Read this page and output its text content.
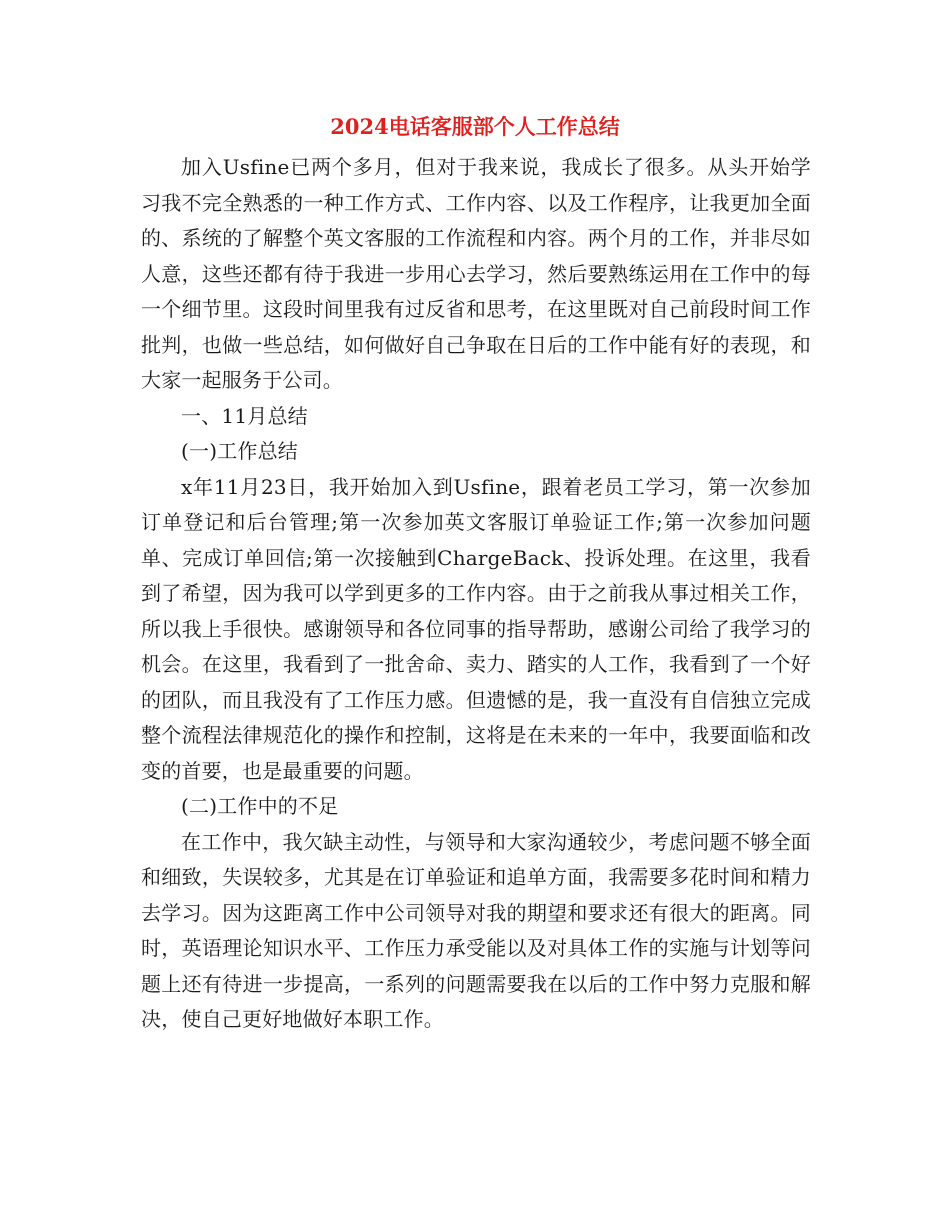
2024电话客服部个人工作总结

加入Usfine已两个多月，但对于我来说，我成长了很多。从头开始学习我不完全熟悉的一种工作方式、工作内容、以及工作程序，让我更加全面的、系统的了解整个英文客服的工作流程和内容。两个月的工作，并非尽如人意，这些还都有待于我进一步用心去学习，然后要熟练运用在工作中的每一个细节里。这段时间里我有过反省和思考，在这里既对自己前段时间工作批判，也做一些总结，如何做好自己争取在日后的工作中能有好的表现，和大家一起服务于公司。

一、11月总结

(一)工作总结

x年11月23日，我开始加入到Usfine，跟着老员工学习，第一次参加订单登记和后台管理;第一次参加英文客服订单验证工作;第一次参加问题单、完成订单回信;第一次接触到ChargeBack、投诉处理。在这里，我看到了希望，因为我可以学到更多的工作内容。由于之前我从事过相关工作，所以我上手很快。感谢领导和各位同事的指导帮助，感谢公司给了我学习的机会。在这里，我看到了一批舍命、卖力、踏实的人工作，我看到了一个好的团队，而且我没有了工作压力感。但遗憾的是，我一直没有自信独立完成整个流程法律规范化的操作和控制，这将是在未来的一年中，我要面临和改变的首要，也是最重要的问题。

(二)工作中的不足

在工作中，我欠缺主动性，与领导和大家沟通较少，考虑问题不够全面和细致，失误较多，尤其是在订单验证和追单方面，我需要多花时间和精力去学习。因为这距离工作中公司领导对我的期望和要求还有很大的距离。同时，英语理论知识水平、工作压力承受能以及对具体工作的实施与计划等问题上还有待进一步提高，一系列的问题需要我在以后的工作中努力克服和解决，使自己更好地做好本职工作。
